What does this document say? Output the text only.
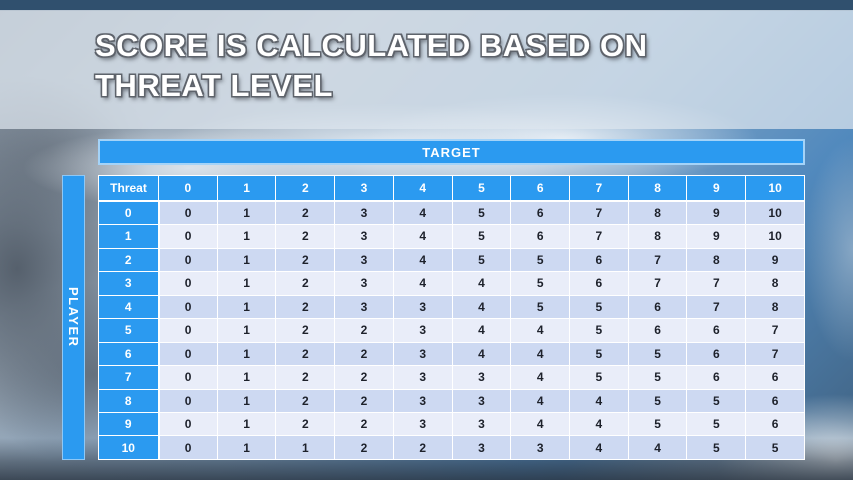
SCORE IS CALCULATED BASED ON
THREAT LEVEL
TARGET
PLAYER
Threat	0	1	2	3	4	5	6	7	8	9	10
0	0	1	2	3	4	5	6	7	8	9	10
1	0	1	2	3	4	5	6	7	8	9	10
2	0	1	2	3	4	5	5	6	7	8	9
3	0	1	2	3	4	4	5	6	7	7	8
4	0	1	2	3	3	4	5	5	6	7	8
5	0	1	2	2	3	4	4	5	6	6	7
6	0	1	2	2	3	4	4	5	5	6	7
7	0	1	2	2	3	3	4	5	5	6	6
8	0	1	2	2	3	3	4	4	5	5	6
9	0	1	2	2	3	3	4	4	5	5	6
10	0	1	1	2	2	3	3	4	4	5	5
